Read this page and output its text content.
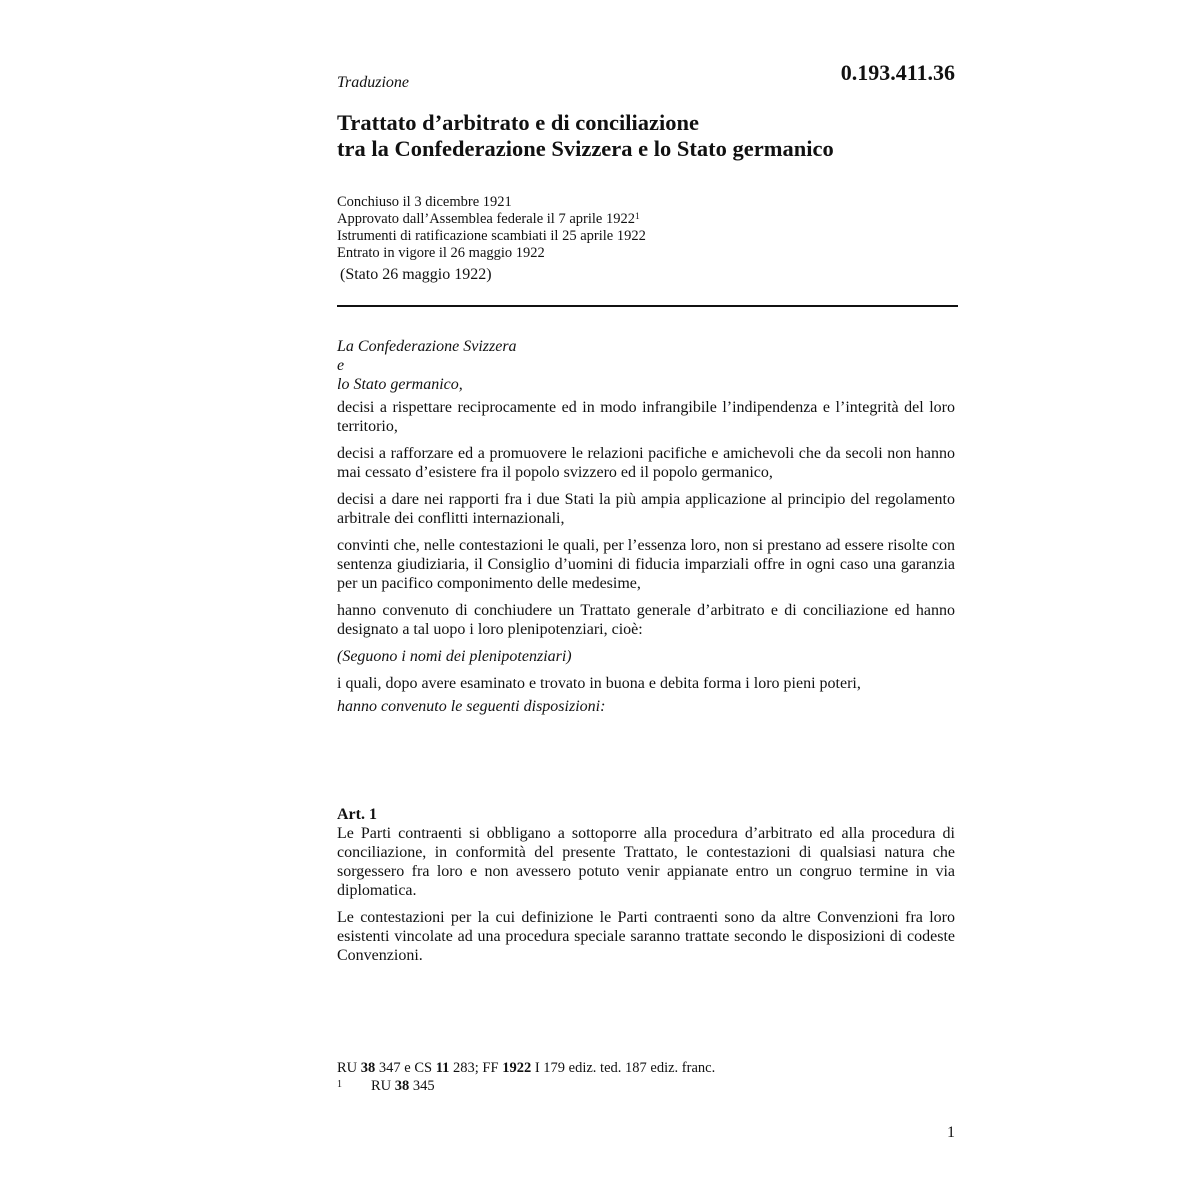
Traduzione	0.193.411.36

Trattato d’arbitrato e di conciliazione
tra la Confederazione Svizzera e lo Stato germanico
Conchiuso il 3 dicembre 1921
Approvato dall’Assemblea federale il 7 aprile 1922$^1$
Istrumenti di ratificazione scambiati il 25 aprile 1922
Entrato in vigore il 26 maggio 1922

(Stato 26 maggio 1922)

La Confederazione Svizzera

e

lo Stato germanico,

decisi a rispettare reciprocamente ed in modo infrangibile l’indipendenza e l’integrità del loro territorio,

decisi a rafforzare ed a promuovere le relazioni pacifiche e amichevoli che da secoli non hanno mai cessato d’esistere fra il popolo svizzero ed il popolo germanico,

decisi a dare nei rapporti fra i due Stati la più ampia applicazione al principio del regolamento arbitrale dei conflitti internazionali,

convinti che, nelle contestazioni le quali, per l’essenza loro, non si prestano ad essere risolte con sentenza giudiziaria, il Consiglio d’uomini di fiducia imparziali offre in ogni caso una garanzia per un pacifico componimento delle medesime,

hanno convenuto di conchiudere un Trattato generale d’arbitrato e di conciliazione ed hanno designato a tal uopo i loro plenipotenziari, cioè:

(Seguono i nomi dei plenipotenziari)

i quali, dopo avere esaminato e trovato in buona e debita forma i loro pieni poteri,

hanno convenuto le seguenti disposizioni:

Art. 1

Le Parti contraenti si obbligano a sottoporre alla procedura d’arbitrato ed alla procedura di conciliazione, in conformità del presente Trattato, le contestazioni di qualsiasi natura che sorgessero fra loro e non avessero potuto venir appianate entro un congruo termine in via diplomatica.

Le contestazioni per la cui definizione le Parti contraenti sono da altre Convenzioni fra loro esistenti vincolate ad una procedura speciale saranno trattate secondo le disposizioni di codeste Convenzioni.

RU 38 347 e CS 11 283; FF 1922 I 179 ediz. ted. 187 ediz. franc.
1 RU 38 345

1
